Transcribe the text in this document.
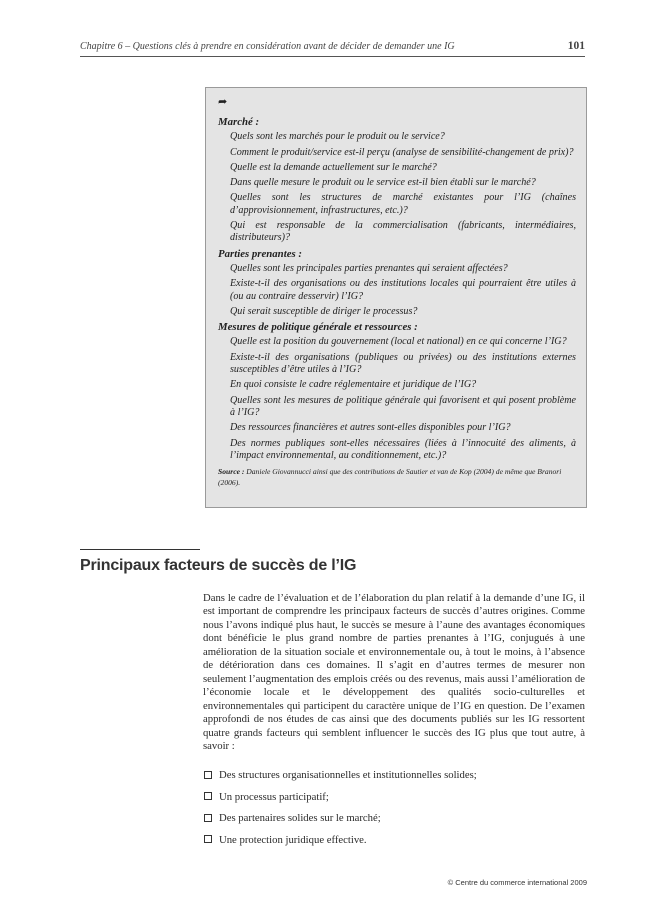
Chapitre 6 – Questions clés à prendre en considération avant de décider de demander une IG	101
➦
Marché :
Quels sont les marchés pour le produit ou le service?
Comment le produit/service est-il perçu (analyse de sensibilité-changement de prix)?
Quelle est la demande actuellement sur le marché?
Dans quelle mesure le produit ou le service est-il bien établi sur le marché?
Quelles sont les structures de marché existantes pour l’IG (chaînes d’approvisionnement, infrastructures, etc.)?
Qui est responsable de la commercialisation (fabricants, intermédiaires, distributeurs)?
Parties prenantes :
Quelles sont les principales parties prenantes qui seraient affectées?
Existe-t-il des organisations ou des institutions locales qui pourraient être utiles à (ou au contraire desservir) l’IG?
Qui serait susceptible de diriger le processus?
Mesures de politique générale et ressources :
Quelle est la position du gouvernement (local et national) en ce qui concerne l’IG?
Existe-t-il des organisations (publiques ou privées) ou des institutions externes susceptibles d’être utiles à l’IG?
En quoi consiste le cadre réglementaire et juridique de l’IG?
Quelles sont les mesures de politique générale qui favorisent et qui posent problème à l’IG?
Des ressources financières et autres sont-elles disponibles pour l’IG?
Des normes publiques sont-elles nécessaires (liées à l’innocuité des aliments, à l’impact environnemental, au conditionnement, etc.)?
Source : Daniele Giovannucci ainsi que des contributions de Sautier et van de Kop (2004) de même que Branori (2006).
Principaux facteurs de succès de l’IG
Dans le cadre de l’évaluation et de l’élaboration du plan relatif à la demande d’une IG, il est important de comprendre les principaux facteurs de succès d’autres origines. Comme nous l’avons indiqué plus haut, le succès se mesure à l’aune des avantages économiques dont bénéficie le plus grand nombre de parties prenantes à l’IG, conjugués à une amélioration de la situation sociale et environnementale ou, à tout le moins, à l’absence de détérioration dans ces domaines. Il s’agit en d’autres termes de mesurer non seulement l’augmentation des emplois créés ou des revenus, mais aussi l’amélioration de l’économie locale et le développement des qualités socio-culturelles et environnementales qui participent du caractère unique de l’IG en question. De l’examen approfondi de nos études de cas ainsi que des documents publiés sur les IG ressortent quatre grands facteurs qui semblent influencer le succès des IG plus que tout autre, à savoir :
Des structures organisationnelles et institutionnelles solides;
Un processus participatif;
Des partenaires solides sur le marché;
Une protection juridique effective.
© Centre du commerce international 2009
